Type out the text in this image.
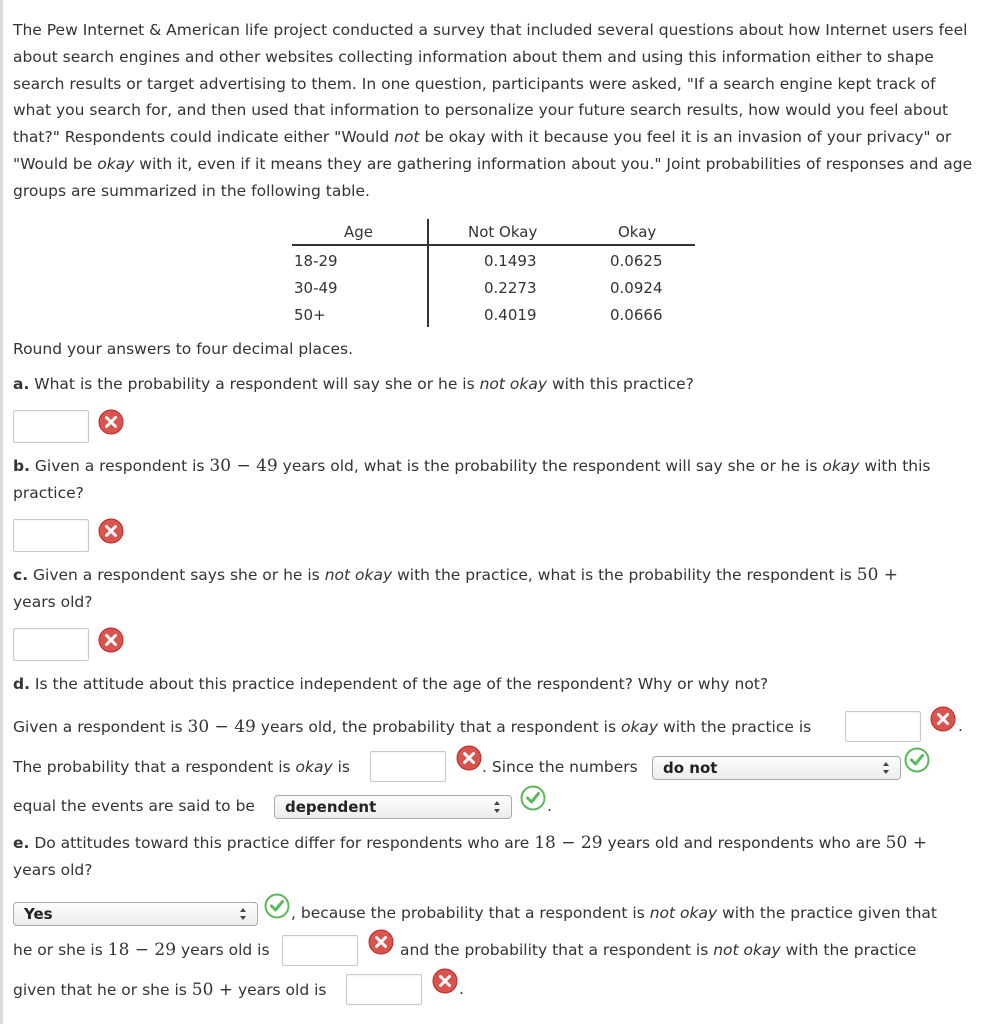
The Pew Internet & American life project conducted a survey that included several questions about how Internet users feel about search engines and other websites collecting information about them and using this information either to shape search results or target advertising to them. In one question, participants were asked, "If a search engine kept track of what you search for, and then used that information to personalize your future search results, how would you feel about that?" Respondents could indicate either "Would not be okay with it because you feel it is an invasion of your privacy" or "Would be okay with it, even if it means they are gathering information about you." Joint probabilities of responses and age groups are summarized in the following table.
Age	Not Okay	Okay
18-29	0.1493	0.0625
30-49	0.2273	0.0924
50+	0.4019	0.0666
Round your answers to four decimal places.
a. What is the probability a respondent will say she or he is not okay with this practice?
b. Given a respondent is 30 − 49 years old, what is the probability the respondent will say she or he is okay with this
practice?
c. Given a respondent says she or he is not okay with the practice, what is the probability the respondent is 50 +
years old?
d. Is the attitude about this practice independent of the age of the respondent? Why or why not?
Given a respondent is 30 − 49 years old, the probability that a respondent is okay with the practice is	.
The probability that a respondent is okay is	. Since the numbers	do not
equal the events are said to be	dependent	.
e. Do attitudes toward this practice differ for respondents who are 18 − 29 years old and respondents who are 50 +
years old?
Yes	, because the probability that a respondent is not okay with the practice given that
he or she is 18 − 29 years old is	and the probability that a respondent is not okay with the practice
given that he or she is 50 + years old is	.
